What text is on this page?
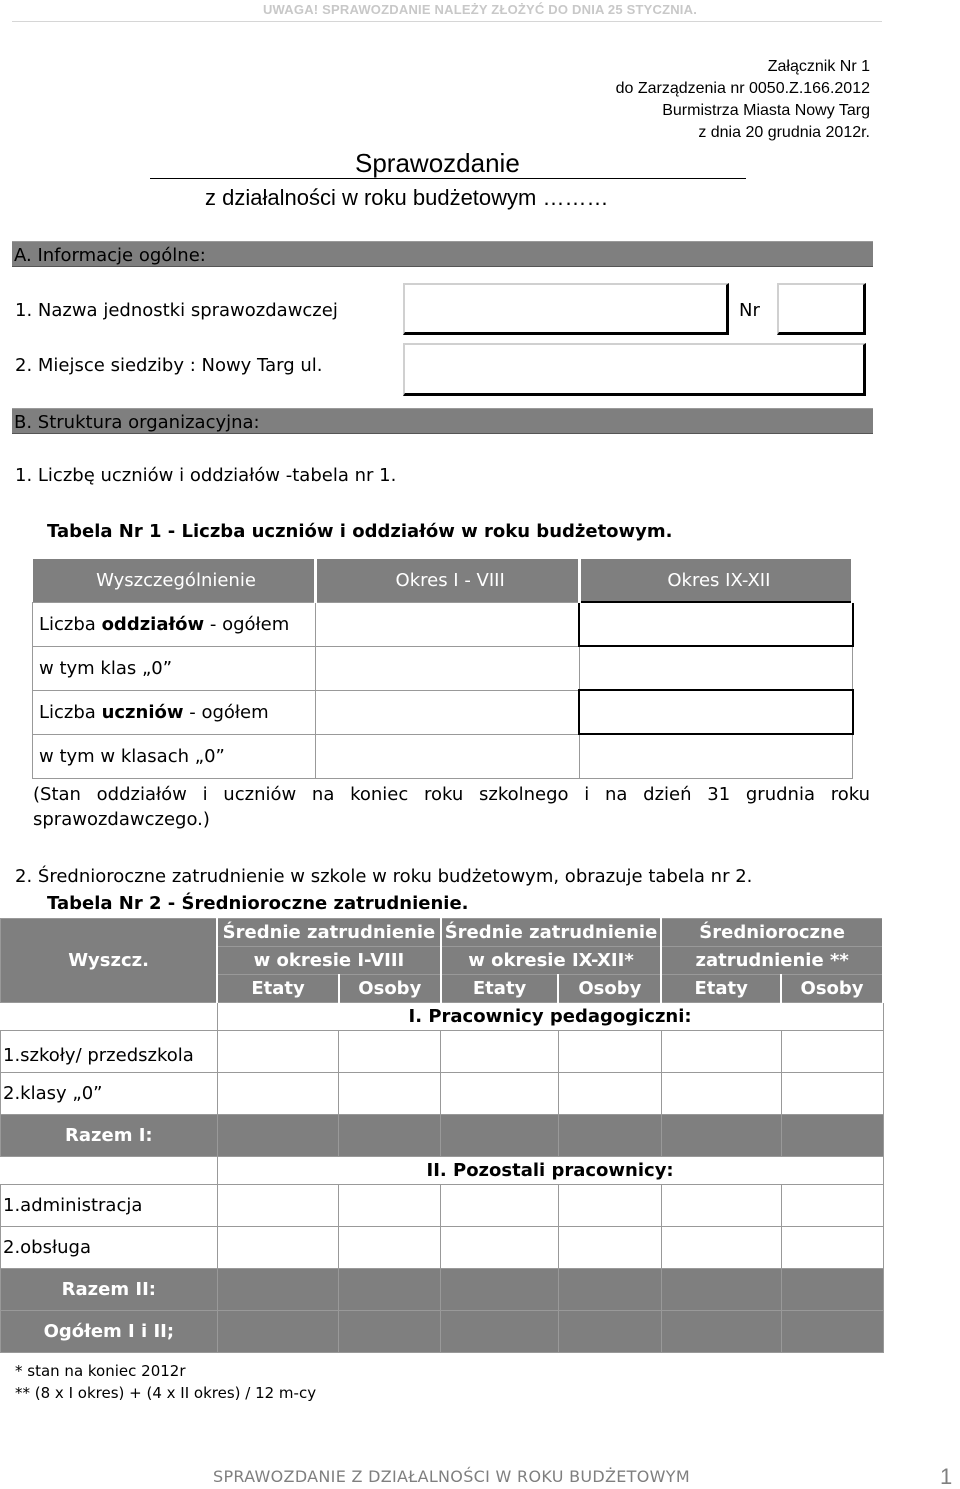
UWAGA! SPRAWOZDANIE NALEŻY ZŁOŻYĆ DO DNIA 25 STYCZNIA.
Załącznik Nr 1
do Zarządzenia nr 0050.Z.166.2012
Burmistrza Miasta Nowy Targ
z dnia 20 grudnia 2012r.
Sprawozdanie
z działalności w roku budżetowym ………
A. Informacje ogólne:
1. Nazwa jednostki sprawozdawczej	Nr
2. Miejsce siedziby : Nowy Targ ul.
B. Struktura organizacyjna:
1. Liczbę uczniów i oddziałów -tabela nr 1.
Tabela Nr 1 - Liczba uczniów i oddziałów w roku budżetowym.
Wyszczególnienie	Okres I - VIII	Okres IX-XII
Liczba oddziałów - ogółem		
w tym klas „0”		
Liczba uczniów - ogółem		
w tym w klasach „0”		
(Stan oddziałów i uczniów na koniec roku szkolnego i na dzień 31 grudnia roku sprawozdawczego.)
2. Średnioroczne zatrudnienie w szkole w roku budżetowym, obrazuje tabela nr 2.
Tabela Nr 2 - Średnioroczne zatrudnienie.
Wyszcz.	Średnie zatrudnienie		Średnie zatrudnienie		Średnioroczne	
	w okresie I-VIII		w okresie IX-XII*		zatrudnienie **	
	Etaty	Osoby	Etaty	Osoby	Etaty	Osoby
	I. Pracownicy pedagogiczni:					
1.szkoły/ przedszkola						
2.klasy „0”						
Razem I:						
	II. Pozostali pracownicy:					
1.administracja						
2.obsługa						
Razem II:						
Ogółem I i II;						
* stan na koniec 2012r
** (8 x I okres) + (4 x II okres) / 12 m-cy
SPRAWOZDANIE Z DZIAŁALNOŚCI W ROKU BUDŻETOWYM	1
